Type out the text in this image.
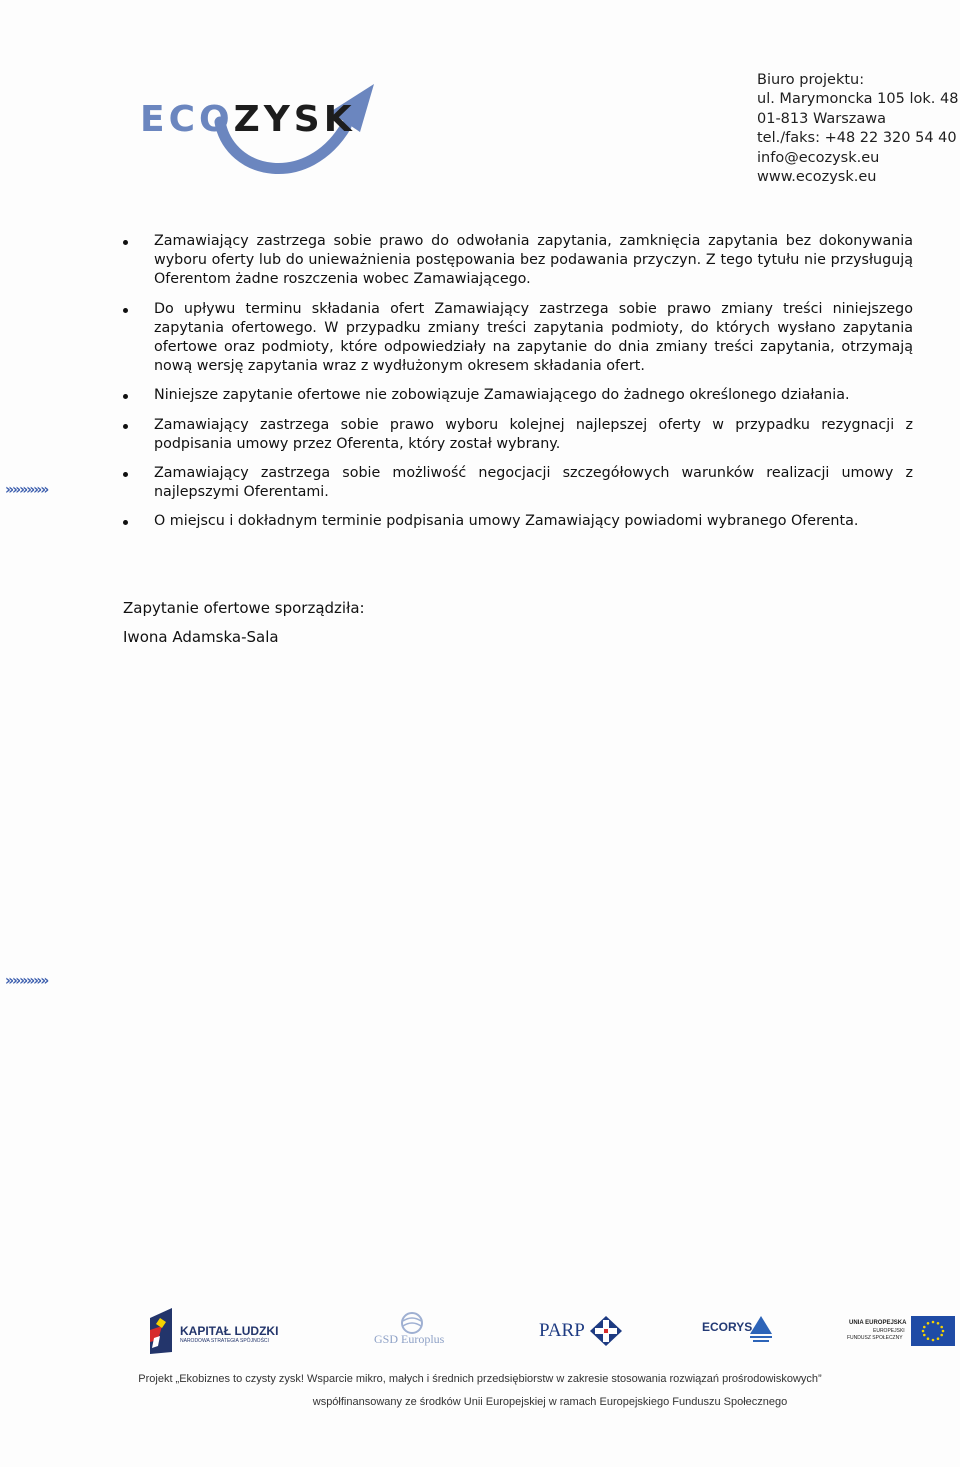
ECOZYSK
Biuro projektu:
ul. Marymoncka 105 lok. 48
01-813 Warszawa
tel./faks: +48 22 320 54 40
info@ecozysk.eu
www.ecozysk.eu
Zamawiający zastrzega sobie prawo do odwołania zapytania, zamknięcia zapytania bez dokonywania wyboru oferty lub do unieważnienia postępowania bez podawania przyczyn. Z tego tytułu nie przysługują Oferentom żadne roszczenia wobec Zamawiającego.
Do upływu terminu składania ofert Zamawiający zastrzega sobie prawo zmiany treści niniejszego zapytania ofertowego. W przypadku zmiany treści zapytania podmioty, do których wysłano zapytania ofertowe oraz podmioty, które odpowiedziały na zapytanie do dnia zmiany treści zapytania, otrzymają nową wersję zapytania wraz z wydłużonym okresem składania ofert.
Niniejsze zapytanie ofertowe nie zobowiązuje Zamawiającego do żadnego określonego działania.
Zamawiający zastrzega sobie prawo wyboru kolejnej najlepszej oferty w przypadku rezygnacji z podpisania umowy przez Oferenta, który został wybrany.
Zamawiający zastrzega sobie możliwość negocjacji szczegółowych warunków realizacji umowy z najlepszymi Oferentami.
O miejscu i dokładnym terminie podpisania umowy Zamawiający powiadomi wybranego Oferenta.
»»»»»»
»»»»»»
Zapytanie ofertowe sporządziła:
Iwona Adamska-Sala
KAPITAŁ LUDZKI
NARODOWA STRATEGIA SPÓJNOŚCI	GSD Europlus	PARP	ECORYS	UNIA EUROPEJSKA
EUROPEJSKI
FUNDUSZ SPOŁECZNY
Projekt „Ekobiznes to czysty zysk! Wsparcie mikro, małych i średnich przedsiębiorstw w zakresie stosowania rozwiązań prośrodowiskowych”
współfinansowany ze środków Unii Europejskiej w ramach Europejskiego Funduszu Społecznego
